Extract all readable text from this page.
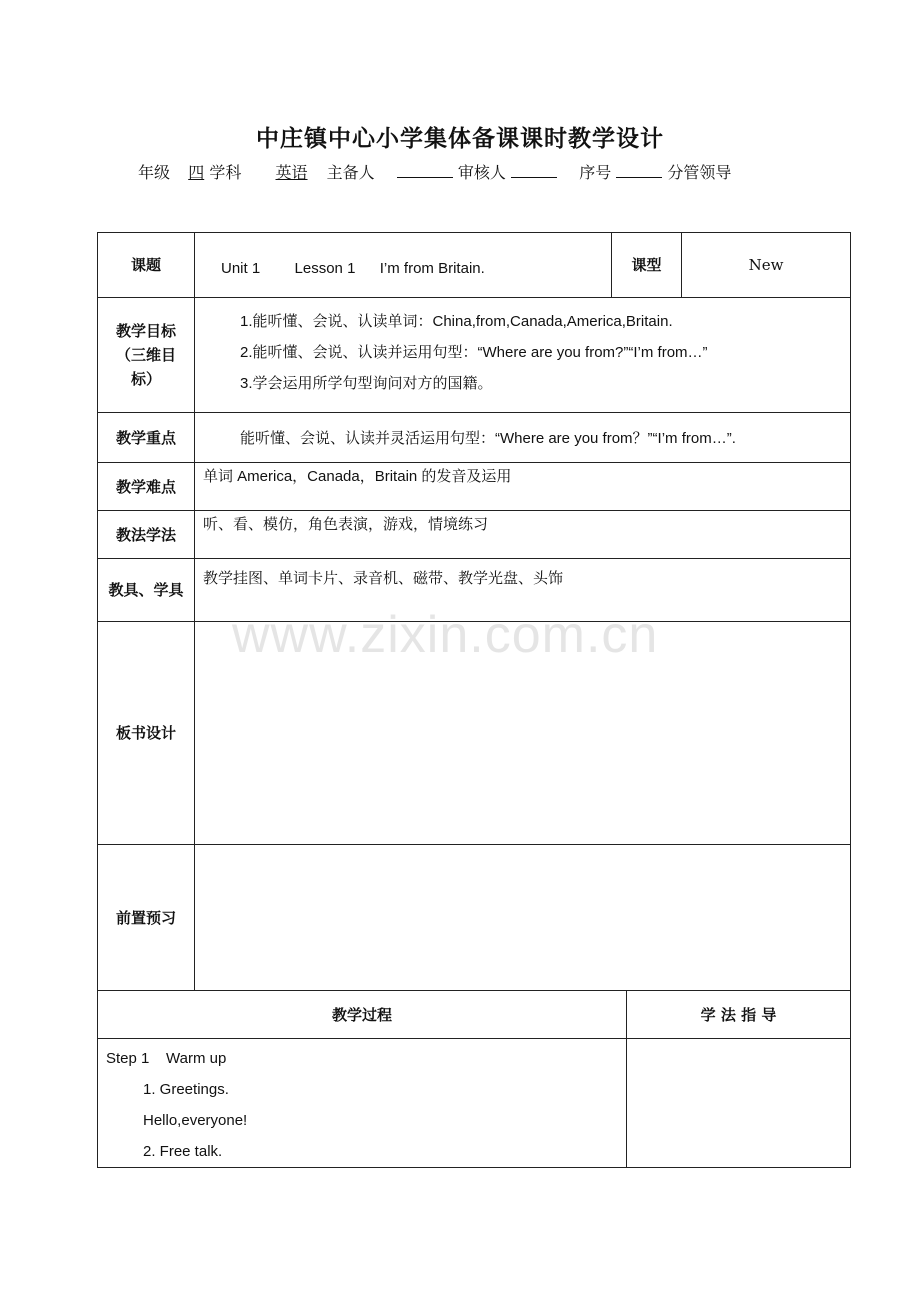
中庄镇中心小学集体备课课时教学设计
年级 四 学科 英语 主备人	审核人	序号	分管领导
课题	Unit 1 Lesson 1 I’m from Britain.	课型	New
教学目标（三维目标）	1.能听懂、会说、认读单词：China,from,Canada,America,Britain.
2.能听懂、会说、认读并运用句型：“Where are you from?”“I’m from…”
3.学会运用所学句型询问对方的国籍。		

教学重点	能听懂、会说、认读并灵活运用句型：“Where are you from？”“I’m from…”.		
教学难点	单词 America，Canada，Britain 的发音及运用		
教法学法	听、看、模仿，角色表演，游戏，情境练习		
教具、学具	教学挂图、单词卡片、录音机、磁带、教学光盘、头饰		
板书设计			
前置预习			
教学过程	学 法 指 导

Step 1    Warm up
1. Greetings.
Hello,everyone!
2. Free talk.	

www.zixin.com.cn
